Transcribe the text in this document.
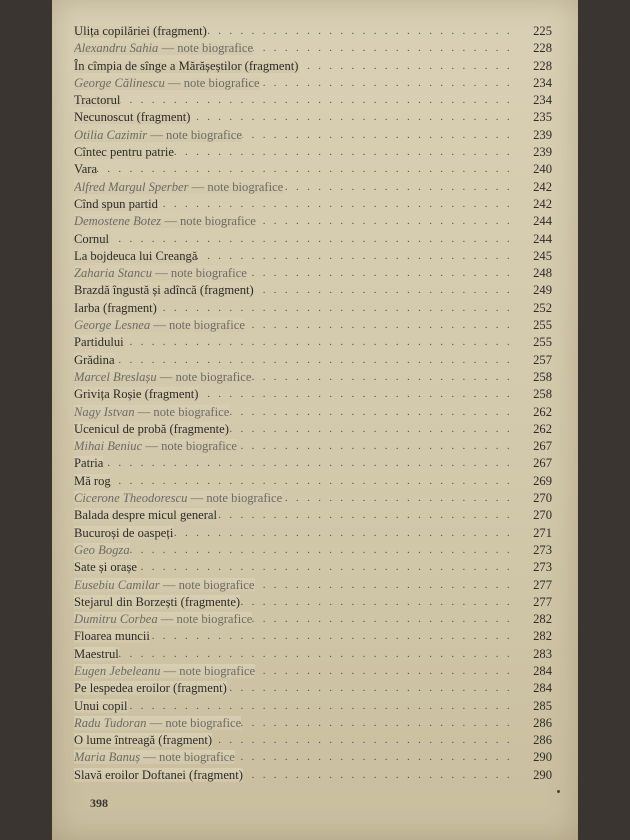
. . .
Ulița copilăriei (fragment)	225
. . .
Alexandru Sahia — note biografice	228
. . .
În cîmpia de sînge a Mărășeștilor (fragment)	228
. . .
George Călinescu — note biografice	234
. . .
Tractorul	234
. . .
Necunoscut (fragment)	235
. . .
Otilia Cazimir — note biografice	239
. . .
Cîntec pentru patrie	239
. . .
Vara	240
. . .
Alfred Margul Sperber — note biografice	242
. . .
Cînd spun partid	242
. . .
Demostene Botez — note biografice	244
. . .
Cornul	244
. . .
La bojdeuca lui Creangă	245
. . .
Zaharia Stancu — note biografice	248
. . .
Brazdă îngustă și adîncă (fragment)	249
. . .
Iarba (fragment)	252
. . .
George Lesnea — note biografice	255
. . .
Partidului	255
. . .
Grădina	257
. . .
Marcel Breslașu — note biografice	258
. . .
Grivița Roșie (fragment)	258
. . .
Nagy Istvan — note biografice	262
. . .
Ucenicul de probă (fragmente)	262
. . .
Mihai Beniuc — note biografice	267
. . .
Patria	267
. . .
Mă rog	269
. . .
Cicerone Theodorescu — note biografice	270
. . .
Balada despre micul general	270
. . .
Bucuroși de oaspeți	271
. . .
Geo Bogza	273
. . .
Sate și orașe	273
. . .
Eusebiu Camilar — note biografice	277
. . .
Stejarul din Borzești (fragmente)	277
. . .
Dumitru Corbea — note biografice	282
. . .
Floarea muncii	282
. . .
Maestrul	283
. . .
Eugen Jebeleanu — note biografice	284
. . .
Pe lespedea eroilor (fragment)	284
. . .
Unui copil	285
. . .
Radu Tudoran — note biografice	286
. . .
O lume întreagă (fragment)	286
. . .
Maria Banuș — note biografice	290
. . .
Slavă eroilor Doftanei (fragment)	290
398
